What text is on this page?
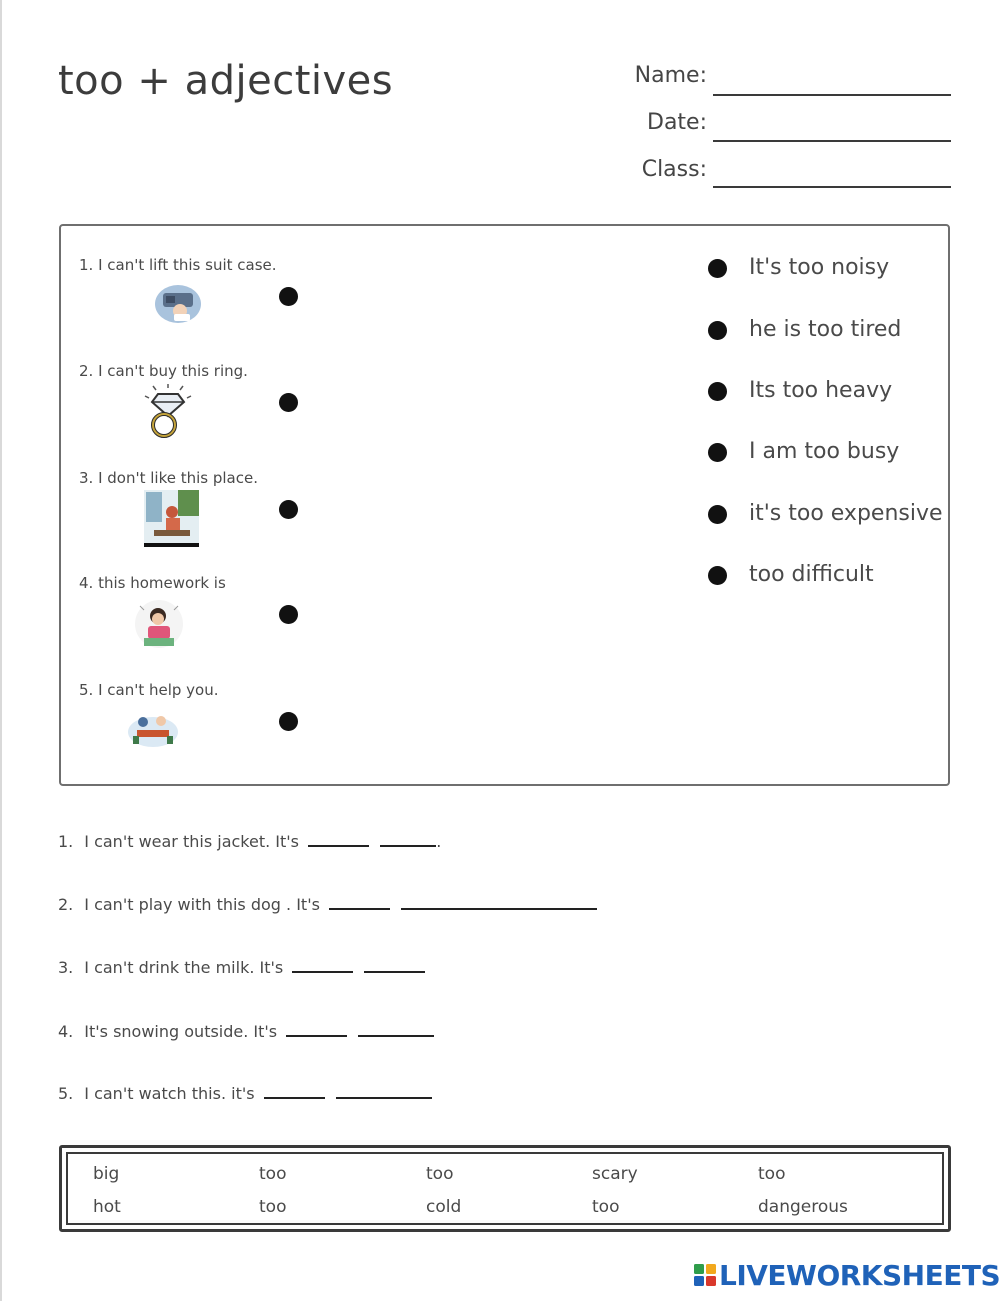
too + adjectives	Name:
Date:
Class:
1. I can't lift this suit case.
2. I can't buy this ring.
3. I don't like this place.
4. this homework is
5. I can't help you.
It's too noisy
he is too tired
Its too heavy
I am too busy
it's too expensive
too difficult
1. I can't wear this jacket. It's	.
2. I can't play with this dog . It's
3. I can't drink the milk. It's
4. It's snowing outside. It's
5. I can't watch this. it's
big	too	too	scary	too
hot	too	cold	too	dangerous
LIVEWORKSHEETS
